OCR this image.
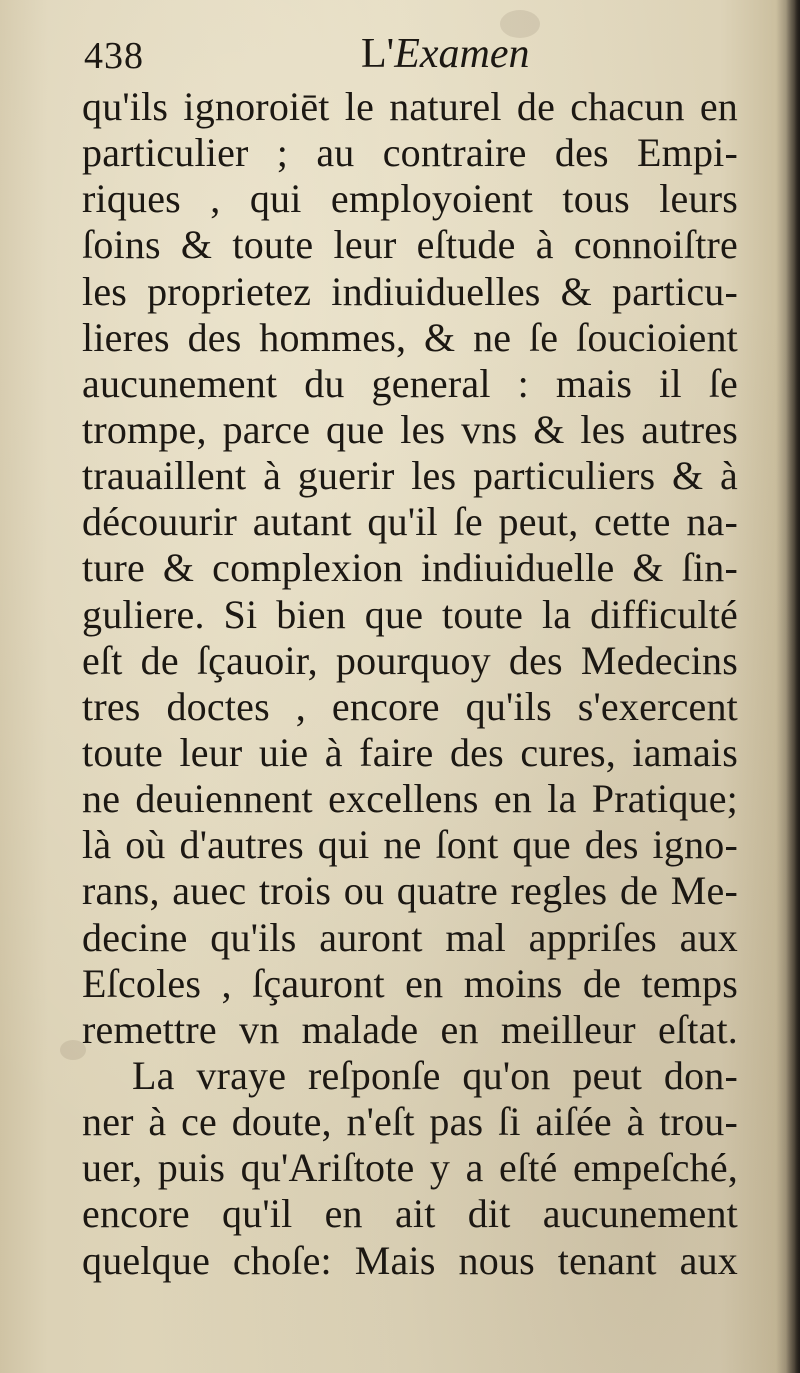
438	L'Examen
qu'ils ignoroiēt le naturel de chacun en
particulier ; au contraire des Empi-
riques , qui employoient tous leurs
ſoins & toute leur eſtude à connoiſtre
les proprietez indiuiduelles & particu-
lieres des hommes, & ne ſe ſoucioient
aucunement du general : mais il ſe
trompe, parce que les vns & les autres
trauaillent à guerir les particuliers & à
découurir autant qu'il ſe peut, cette na-
ture & complexion indiuiduelle & ſin-
guliere. Si bien que toute la difficulté
eſt de ſçauoir, pourquoy des Medecins
tres doctes , encore qu'ils s'exercent
toute leur uie à faire des cures, iamais
ne deuiennent excellens en la Pratique;
là où d'autres qui ne ſont que des igno-
rans, auec trois ou quatre regles de Me-
decine qu'ils auront mal appriſes aux
Eſcoles , ſçauront en moins de temps
remettre vn malade en meilleur eſtat.
La vraye reſponſe qu'on peut don-
ner à ce doute, n'eſt pas ſi aiſée à trou-
uer, puis qu'Ariſtote y a eſté empeſché,
encore qu'il en ait dit aucunement
quelque choſe: Mais nous tenant aux
